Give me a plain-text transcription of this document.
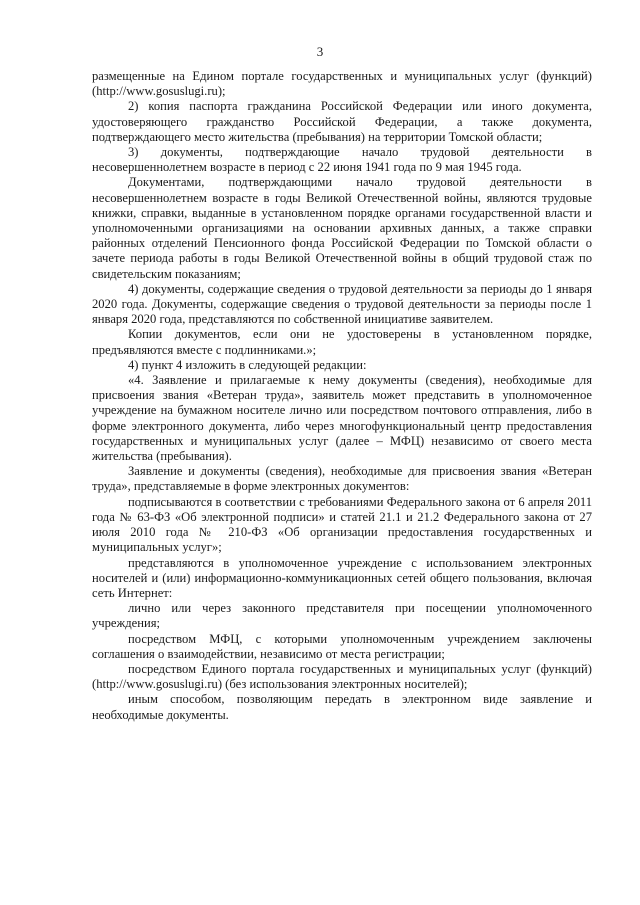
3

размещенные на Едином портале государственных и муниципальных услуг (функций) (http://www.gosuslugi.ru);

2) копия паспорта гражданина Российской Федерации или иного документа, удостоверяющего гражданство Российской Федерации, а также документа, подтверждающего место жительства (пребывания) на территории Томской области;

3) документы, подтверждающие начало трудовой деятельности в несовершеннолетнем возрасте в период с 22 июня 1941 года по 9 мая 1945 года.

Документами, подтверждающими начало трудовой деятельности в несовершеннолетнем возрасте в годы Великой Отечественной войны, являются трудовые книжки, справки, выданные в установленном порядке органами государственной власти и уполномоченными организациями на основании архивных данных, а также справки районных отделений Пенсионного фонда Российской Федерации по Томской области о зачете периода работы в годы Великой Отечественной войны в общий трудовой стаж по свидетельским показаниям;

4) документы, содержащие сведения о трудовой деятельности за периоды до 1 января 2020 года. Документы, содержащие сведения о трудовой деятельности за периоды после 1 января 2020 года, представляются по собственной инициативе заявителем.

Копии документов, если они не удостоверены в установленном порядке, предъявляются вместе с подлинниками.»;

4) пункт 4 изложить в следующей редакции:

«4. Заявление и прилагаемые к нему документы (сведения), необходимые для присвоения звания «Ветеран труда», заявитель может представить в уполномоченное учреждение на бумажном носителе лично или посредством почтового отправления, либо в форме электронного документа, либо через многофункциональный центр предоставления государственных и муниципальных услуг (далее – МФЦ) независимо от своего места жительства (пребывания).

Заявление и документы (сведения), необходимые для присвоения звания «Ветеран труда», представляемые в форме электронных документов:

подписываются в соответствии с требованиями Федерального закона от 6 апреля 2011 года № 63-ФЗ «Об электронной подписи» и статей 21.1 и 21.2 Федерального закона от 27 июля 2010 года № 210-ФЗ «Об организации предоставления государственных и муниципальных услуг»;

представляются в уполномоченное учреждение с использованием электронных носителей и (или) информационно-коммуникационных сетей общего пользования, включая сеть Интернет:

лично или через законного представителя при посещении уполномоченного учреждения;

посредством МФЦ, с которыми уполномоченным учреждением заключены соглашения о взаимодействии, независимо от места регистрации;

посредством Единого портала государственных и муниципальных услуг (функций) (http://www.gosuslugi.ru) (без использования электронных носителей);

иным способом, позволяющим передать в электронном виде заявление и необходимые документы.
